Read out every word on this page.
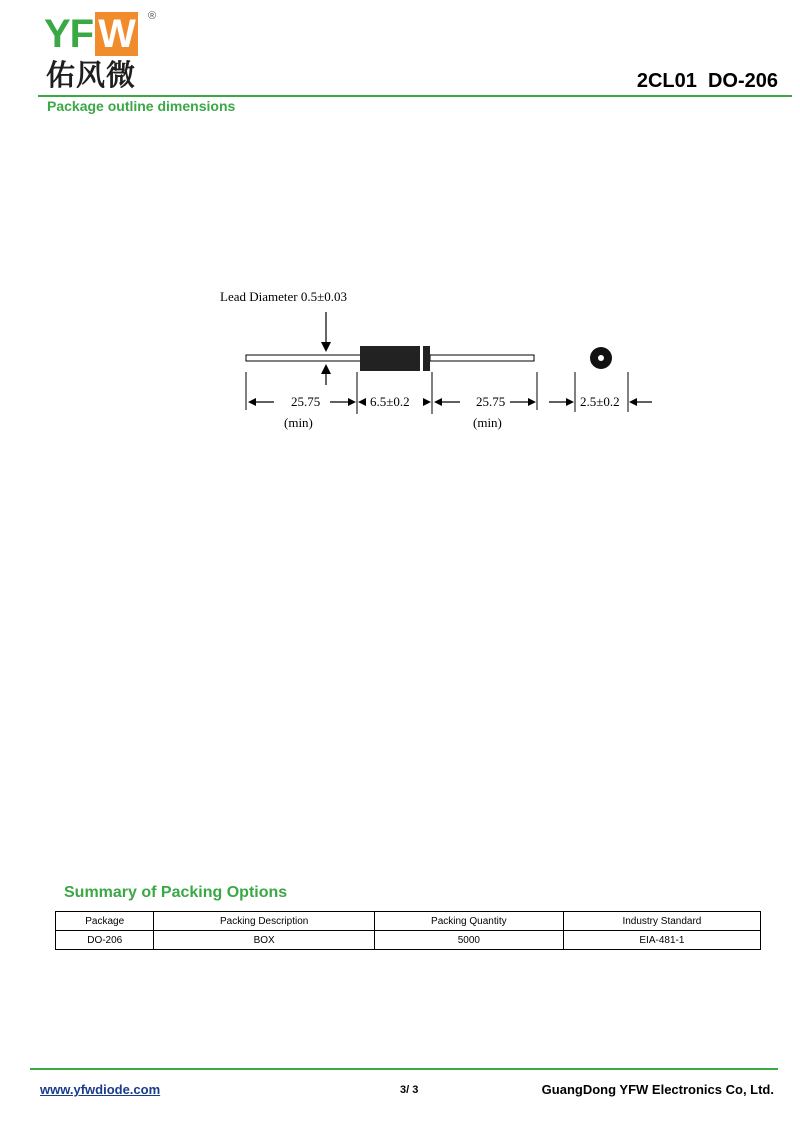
YF W ®
佑风微	2CL01  DO-206
Package outline dimensions
Lead Diameter 0.5±0.03
25.75
(min)
6.5±0.2	25.75
(min)
2.5±0.2
Summary of Packing Options
Package	Packing Description	Packing Quantity	Industry Standard
DO-206	BOX	5000	EIA-481-1
www.yfwdiode.com	3/ 3	GuangDong YFW Electronics Co, Ltd.
